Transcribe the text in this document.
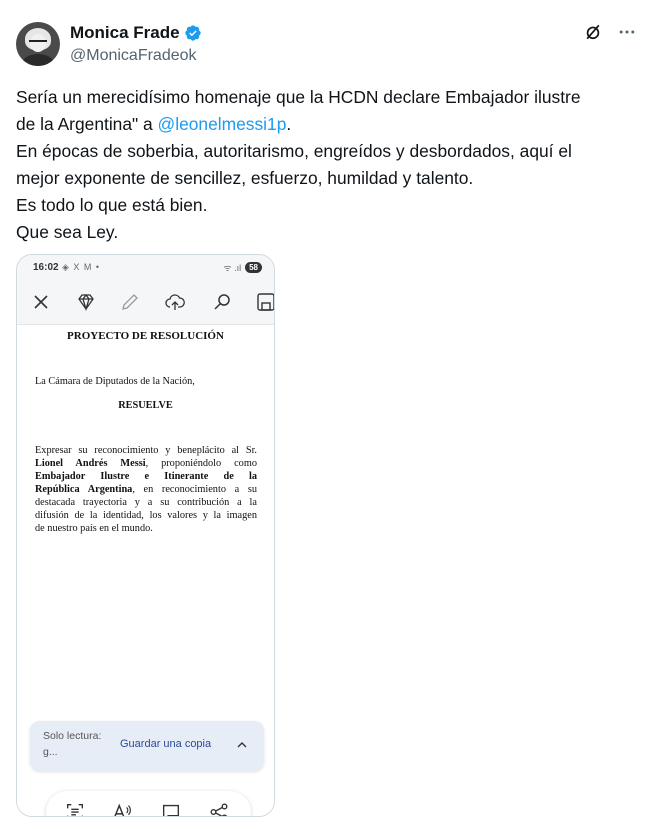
Monica Frade
@MonicaFradeok

Sería un merecidísimo homenaje que la HCDN declare Embajador ilustre

de la Argentina" a @leonelmessi1p.

En épocas de soberbia, autoritarismo, engreídos y desbordados, aquí el

mejor exponente de sencillez, esfuerzo, humildad y talento.

Es todo lo que está bien.

Que sea Ley.

16:02 ◈ X M •	ᯤ .ıl	58
PROYECTO DE RESOLUCIÓN
La Cámara de Diputados de la Nación,
RESUELVE
Expresar su reconocimiento y beneplácito al Sr.
Lionel Andrés Messi, proponiéndolo como
Embajador Ilustre e Itinerante de la
República Argentina, en reconocimiento a su
destacada trayectoria y a su contribución a la
difusión de la identidad, los valores y la imagen
de nuestro país en el mundo.
Solo lectura: g...
Guardar una copia
